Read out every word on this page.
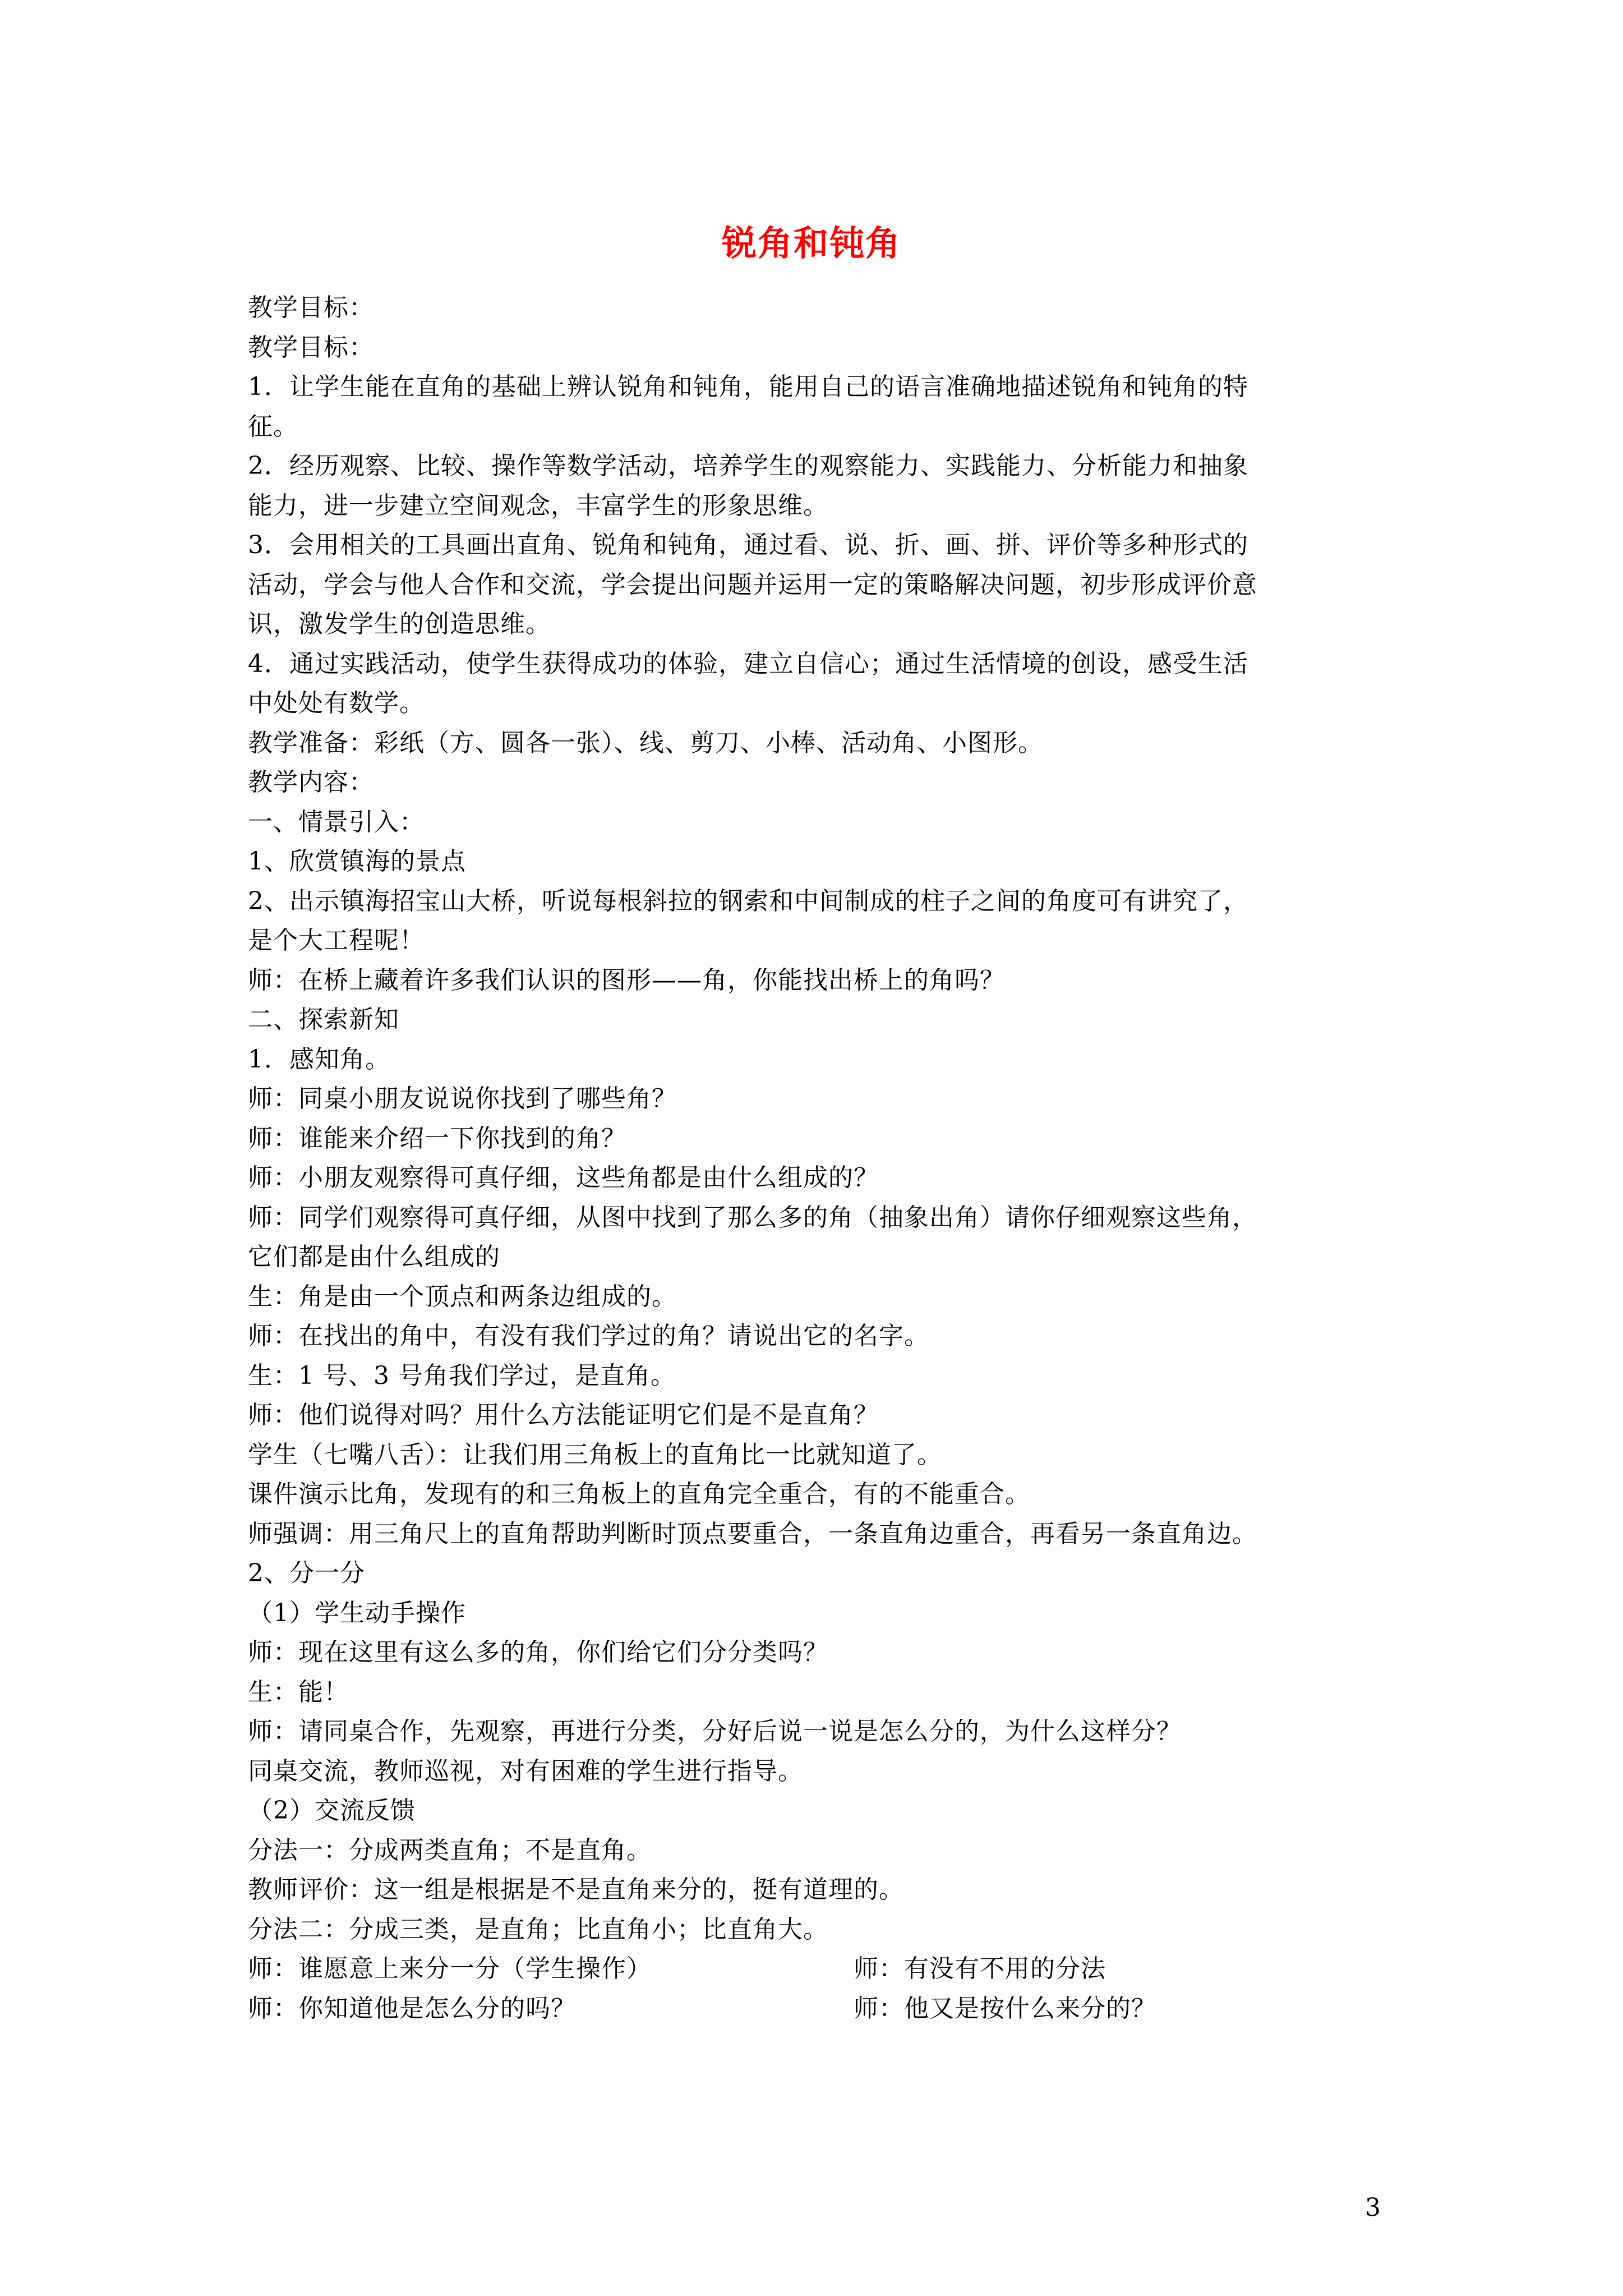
锐角和钝角
教学目标：
教学目标：
1．让学生能在直角的基础上辨认锐角和钝角，能用自己的语言准确地描述锐角和钝角的特
征。
2．经历观察、比较、操作等数学活动，培养学生的观察能力、实践能力、分析能力和抽象
能力，进一步建立空间观念，丰富学生的形象思维。
3．会用相关的工具画出直角、锐角和钝角，通过看、说、折、画、拼、评价等多种形式的
活动，学会与他人合作和交流，学会提出问题并运用一定的策略解决问题，初步形成评价意
识，激发学生的创造思维。
4．通过实践活动，使学生获得成功的体验，建立自信心；通过生活情境的创设，感受生活
中处处有数学。
教学准备：彩纸（方、圆各一张）、线、剪刀、小棒、活动角、小图形。
教学内容：
一、情景引入：
1、欣赏镇海的景点
2、出示镇海招宝山大桥，听说每根斜拉的钢索和中间制成的柱子之间的角度可有讲究了，
是个大工程呢！
师：在桥上藏着许多我们认识的图形——角，你能找出桥上的角吗？
二、探索新知
1．感知角。
师：同桌小朋友说说你找到了哪些角？
师：谁能来介绍一下你找到的角？
师：小朋友观察得可真仔细，这些角都是由什么组成的？
师：同学们观察得可真仔细，从图中找到了那么多的角（抽象出角）请你仔细观察这些角，
它们都是由什么组成的
生：角是由一个顶点和两条边组成的。
师：在找出的角中，有没有我们学过的角？请说出它的名字。
生：1 号、3 号角我们学过，是直角。
师：他们说得对吗？用什么方法能证明它们是不是直角？
学生（七嘴八舌）：让我们用三角板上的直角比一比就知道了。
课件演示比角，发现有的和三角板上的直角完全重合，有的不能重合。
师强调：用三角尺上的直角帮助判断时顶点要重合，一条直角边重合，再看另一条直角边。
2、分一分
（1）学生动手操作
师：现在这里有这么多的角，你们给它们分分类吗？
生：能！
师：请同桌合作，先观察，再进行分类，分好后说一说是怎么分的，为什么这样分？
同桌交流，教师巡视，对有困难的学生进行指导。
（2）交流反馈
分法一：分成两类直角；不是直角。
教师评价：这一组是根据是不是直角来分的，挺有道理的。
分法二：分成三类，是直角；比直角小；比直角大。
师：谁愿意上来分一分（学生操作）	师：有没有不用的分法
师：你知道他是怎么分的吗？	师：他又是按什么来分的？
3
